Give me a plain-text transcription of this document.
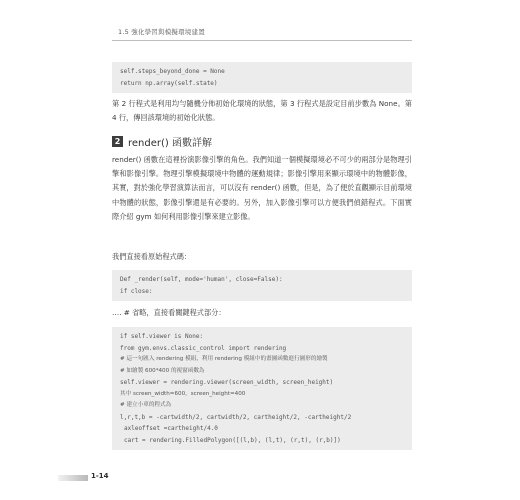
1.5 強化學習與模擬環境建置
self.steps_beyond_done = None
return np.array(self.state)
第 2 行程式是利用均勻隨機分佈初始化環境的狀態，第 3 行程式是設定目前步數為 None。第 4 行，傳回該環境的初始化狀態。
2 render() 函數詳解
render() 函數在這裡扮演影像引擎的角色。我們知道一個模擬環境必不可少的兩部分是物理引擎和影像引擎。物理引擎模擬環境中物體的運動規律；影像引擎用來顯示環境中的物體影像，其實，對於強化學習演算法而言，可以沒有 render() 函數，但是，為了便於直觀顯示目前環境中物體的狀態，影像引擎還是有必要的。另外，加入影像引擎可以方便我們偵錯程式。下面實際介紹 gym 如何利用影像引擎來建立影像。
我們直接看原始程式碼：
Def _render(self, mode='human', close=False):
if close:
…. # 省略，直接看關鍵程式部分：
if self.viewer is None:
from gym.envs.classic_control import rendering
# 這一句匯入 rendering 模組，利用 rendering 模組中的畫圖函數進行圖形的繪製
# 如繪製 600*400 的視窗函數為
self.viewer = rendering.viewer(screen_width, screen_height)
其中 screen_width=600，screen_height=400
# 建立小車的程式為
l,r,t,b = -cartwidth/2, cartwidth/2, cartheight/2, -cartheight/2
axleoffset =cartheight/4.0
cart = rendering.FilledPolygon([(l,b), (l,t), (r,t), (r,b)])
1-14
